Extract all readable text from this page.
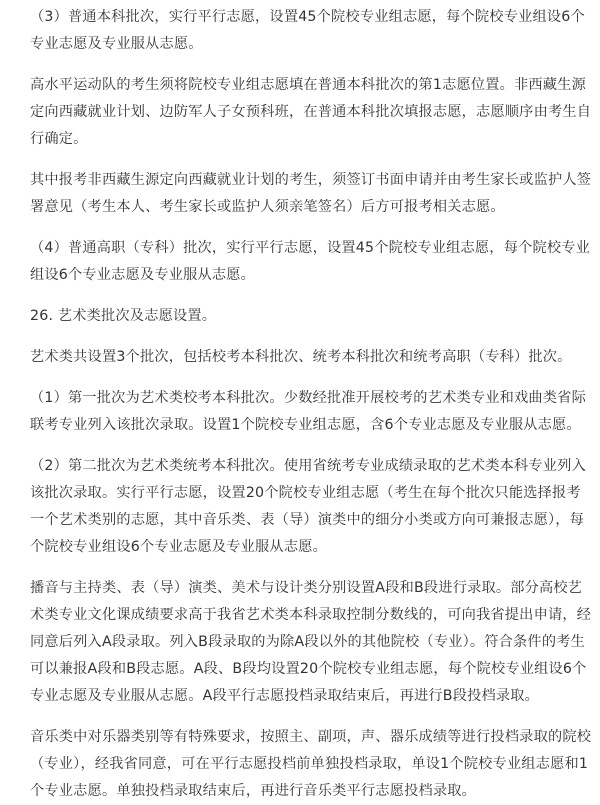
（3）普通本科批次，实行平行志愿，设置45个院校专业组志愿，每个院校专业组设6个专业志愿及专业服从志愿。

高水平运动队的考生须将院校专业组志愿填在普通本科批次的第1志愿位置。非西藏生源定向西藏就业计划、边防军人子女预科班，在普通本科批次填报志愿，志愿顺序由考生自行确定。

其中报考非西藏生源定向西藏就业计划的考生，须签订书面申请并由考生家长或监护人签署意见（考生本人、考生家长或监护人须亲笔签名）后方可报考相关志愿。

（4）普通高职（专科）批次，实行平行志愿，设置45个院校专业组志愿，每个院校专业组设6个专业志愿及专业服从志愿。

26. 艺术类批次及志愿设置。

艺术类共设置3个批次，包括校考本科批次、统考本科批次和统考高职（专科）批次。

（1）第一批次为艺术类校考本科批次。少数经批准开展校考的艺术类专业和戏曲类省际联考专业列入该批次录取。设置1个院校专业组志愿，含6个专业志愿及专业服从志愿。

（2）第二批次为艺术类统考本科批次。使用省统考专业成绩录取的艺术类本科专业列入该批次录取。实行平行志愿，设置20个院校专业组志愿（考生在每个批次只能选择报考一个艺术类别的志愿，其中音乐类、表（导）演类中的细分小类或方向可兼报志愿），每个院校专业组设6个专业志愿及专业服从志愿。

播音与主持类、表（导）演类、美术与设计类分别设置A段和B段进行录取。部分高校艺术类专业文化课成绩要求高于我省艺术类本科录取控制分数线的，可向我省提出申请，经同意后列入A段录取。列入B段录取的为除A段以外的其他院校（专业）。符合条件的考生可以兼报A段和B段志愿。A段、B段均设置20个院校专业组志愿，每个院校专业组设6个专业志愿及专业服从志愿。A段平行志愿投档录取结束后，再进行B段投档录取。

音乐类中对乐器类别等有特殊要求，按照主、副项，声、器乐成绩等进行投档录取的院校（专业），经我省同意，可在平行志愿投档前单独投档录取，单设1个院校专业组志愿和1个专业志愿。单独投档录取结束后，再进行音乐类平行志愿投档录取。
